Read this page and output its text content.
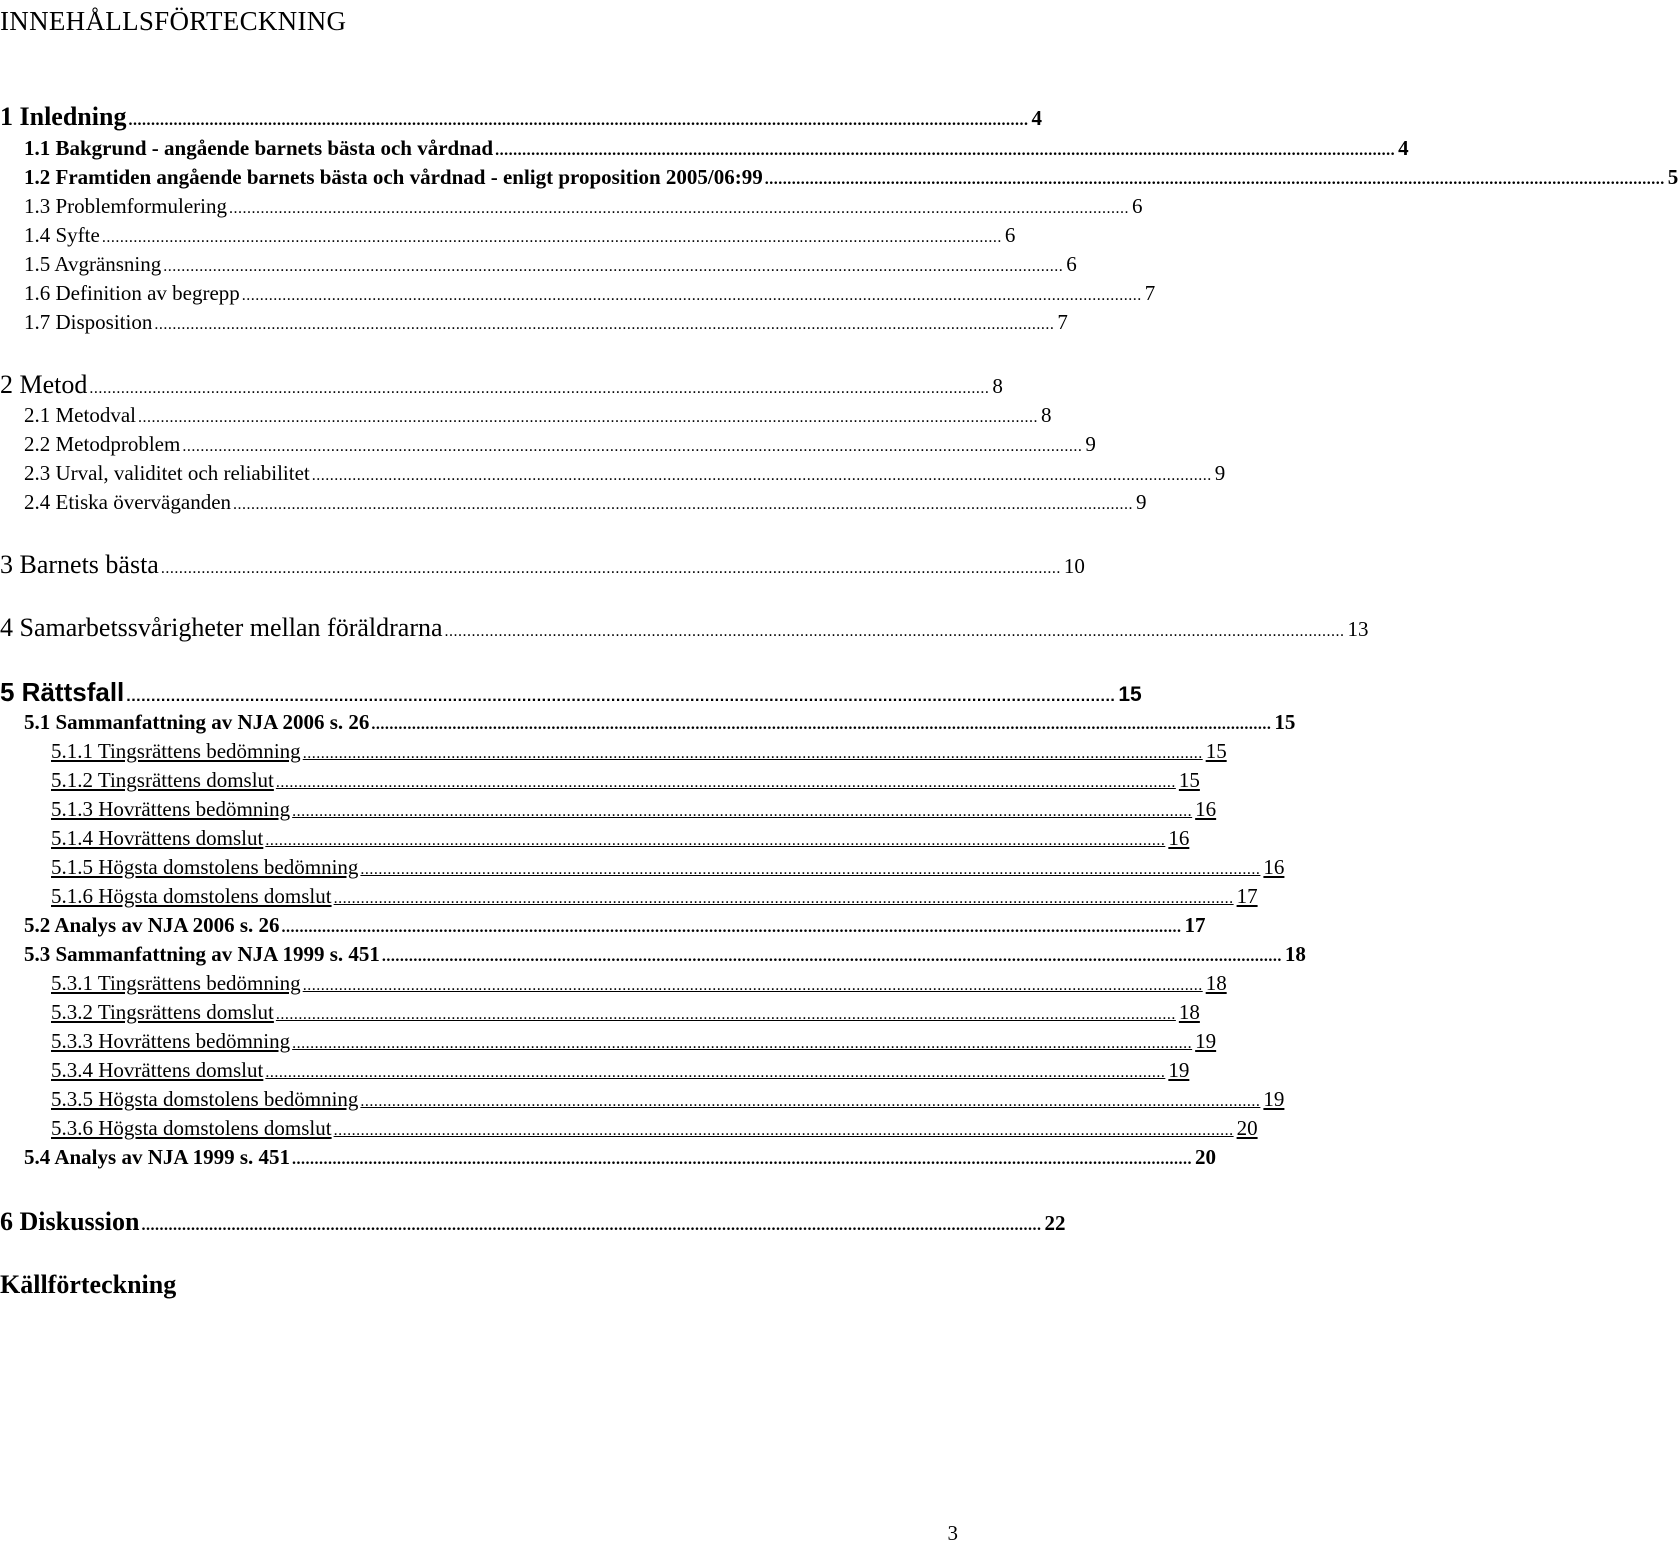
INNEHÅLLSFÖRTECKNING
1 Inledning ........................................................................................................................................................................................................ 4
1.1 Bakgrund - angående barnets bästa och vårdnad ........................................................................................................................................................................................................ 4
1.2 Framtiden angående barnets bästa och vårdnad - enligt proposition 2005/06:99 ........................................................................................................................................................................................................ 5
1.3 Problemformulering ........................................................................................................................................................................................................ 6
1.4 Syfte ........................................................................................................................................................................................................ 6
1.5 Avgränsning ........................................................................................................................................................................................................ 6
1.6 Definition av begrepp ........................................................................................................................................................................................................ 7
1.7 Disposition ........................................................................................................................................................................................................ 7
2 Metod ........................................................................................................................................................................................................ 8
2.1 Metodval ........................................................................................................................................................................................................ 8
2.2 Metodproblem ........................................................................................................................................................................................................ 9
2.3 Urval, validitet och reliabilitet ........................................................................................................................................................................................................ 9
2.4 Etiska överväganden ........................................................................................................................................................................................................ 9
3 Barnets bästa ........................................................................................................................................................................................................ 10
4 Samarbetssvårigheter mellan föräldrarna ........................................................................................................................................................................................................ 13
5 Rättsfall ........................................................................................................................................................................................................ 15
5.1 Sammanfattning av NJA 2006 s. 26 ........................................................................................................................................................................................................ 15
5.1.1 Tingsrättens bedömning ........................................................................................................................................................................................................ 15
5.1.2 Tingsrättens domslut ........................................................................................................................................................................................................ 15
5.1.3 Hovrättens bedömning ........................................................................................................................................................................................................ 16
5.1.4 Hovrättens domslut ........................................................................................................................................................................................................ 16
5.1.5 Högsta domstolens bedömning ........................................................................................................................................................................................................ 16
5.1.6 Högsta domstolens domslut ........................................................................................................................................................................................................ 17
5.2 Analys av NJA 2006 s. 26 ........................................................................................................................................................................................................ 17
5.3 Sammanfattning av NJA 1999 s. 451 ........................................................................................................................................................................................................ 18
5.3.1 Tingsrättens bedömning ........................................................................................................................................................................................................ 18
5.3.2 Tingsrättens domslut ........................................................................................................................................................................................................ 18
5.3.3 Hovrättens bedömning ........................................................................................................................................................................................................ 19
5.3.4 Hovrättens domslut ........................................................................................................................................................................................................ 19
5.3.5 Högsta domstolens bedömning ........................................................................................................................................................................................................ 19
5.3.6 Högsta domstolens domslut ........................................................................................................................................................................................................ 20
5.4 Analys av NJA 1999 s. 451 ........................................................................................................................................................................................................ 20
6 Diskussion ........................................................................................................................................................................................................ 22
Källförteckning
3
